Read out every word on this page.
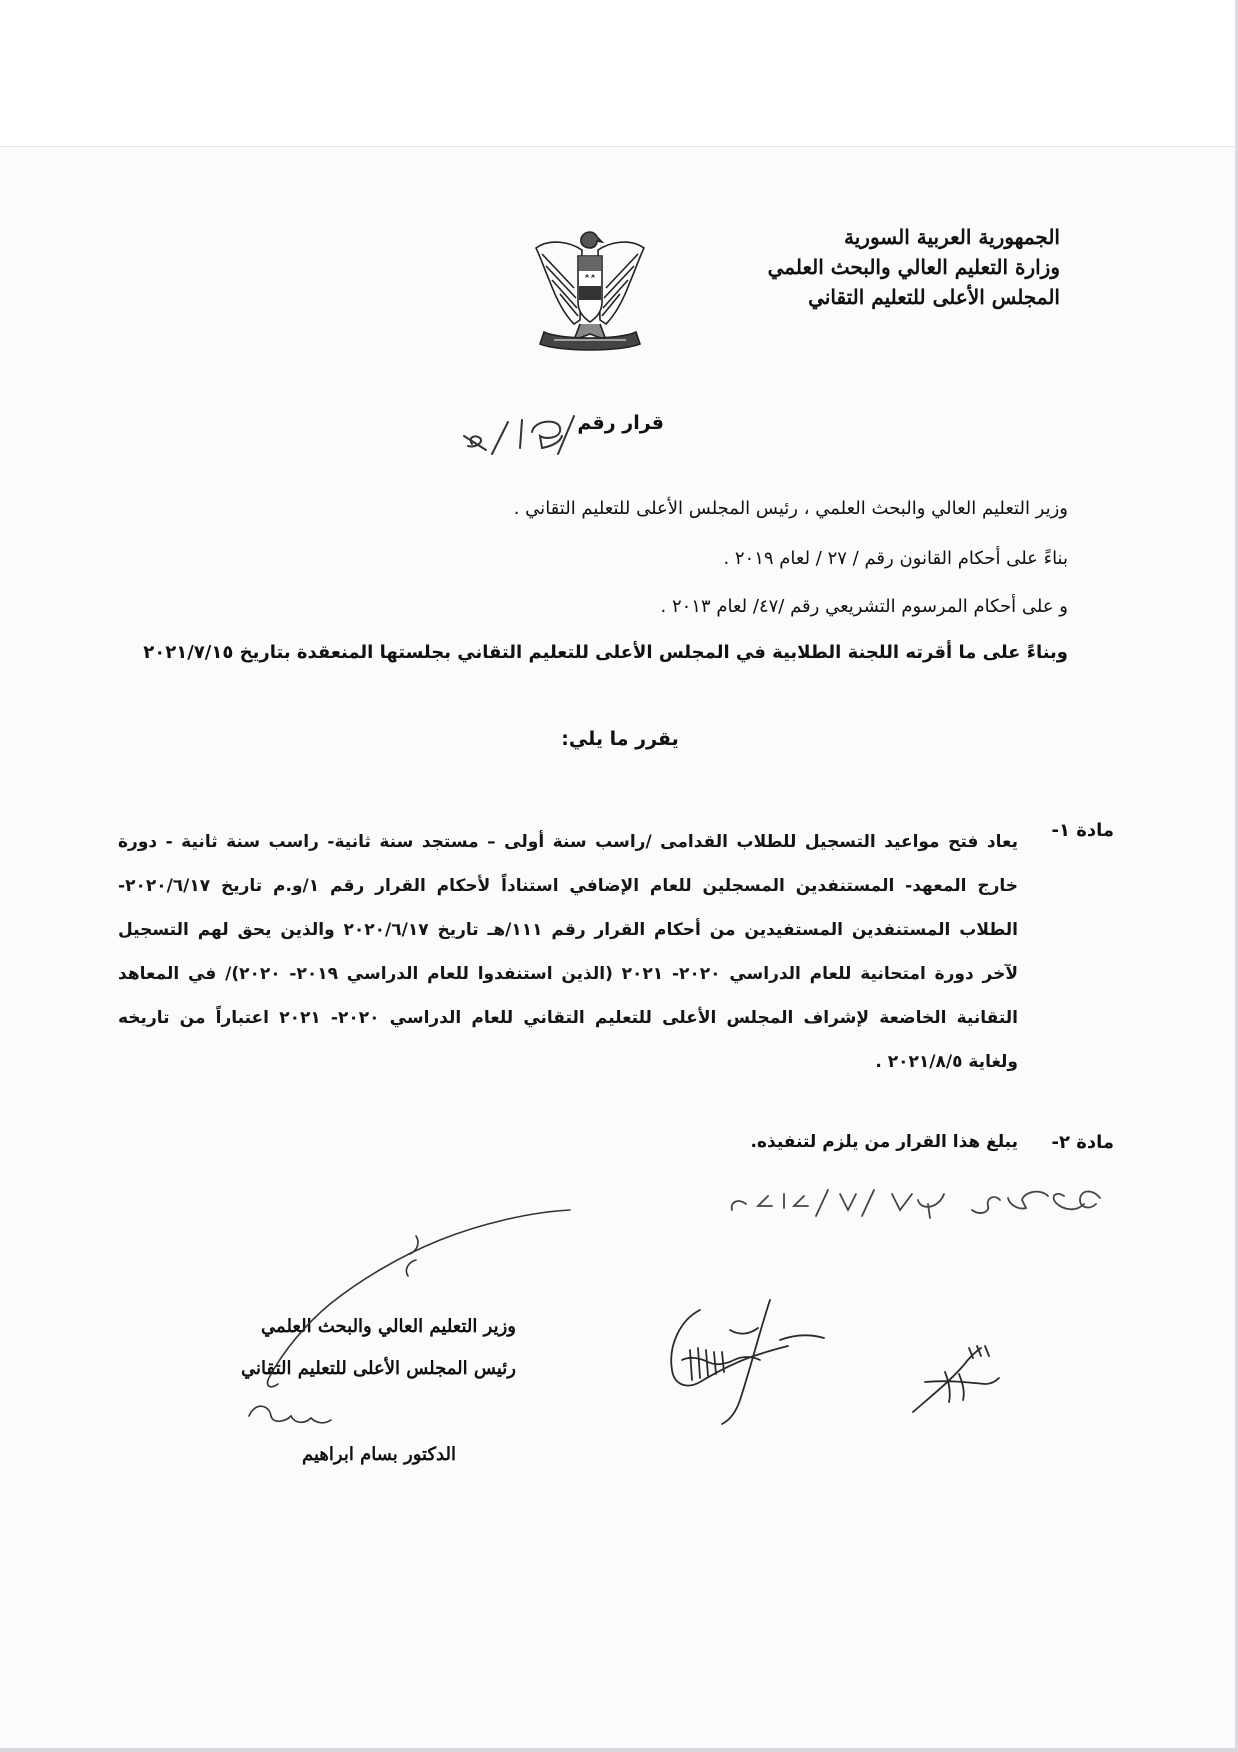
الجمهورية العربية السورية
وزارة التعليم العالي والبحث العلمي
المجلس الأعلى للتعليم التقاني
قرار رقم
وزير التعليم العالي والبحث العلمي ، رئيس المجلس الأعلى للتعليم التقاني .
بناءً على أحكام القانون رقم / ٢٧ / لعام ٢٠١٩ .
و على أحكام المرسوم التشريعي رقم /٤٧/ لعام ٢٠١٣ .
وبناءً على ما أقرته اللجنة الطلابية في المجلس الأعلى للتعليم التقاني بجلستها المنعقدة بتاريخ ٢٠٢١/٧/١٥
يقرر ما يلي:
مادة ١-
يعاد فتح مواعيد التسجيل للطلاب القدامى /راسب سنة أولى – مستجد سنة ثانية- راسب سنة ثانية - دورة خارج المعهد- المستنفدين المسجلين للعام الإضافي استناداً لأحكام القرار رقم ١/و.م تاريخ ٢٠٢٠/٦/١٧- الطلاب المستنفدين المستفيدين من أحكام القرار رقم ١١١/هـ تاريخ ٢٠٢٠/٦/١٧ والذين يحق لهم التسجيل لآخر دورة امتحانية للعام الدراسي ٢٠٢٠- ٢٠٢١ (الذين استنفدوا للعام الدراسي ٢٠١٩- ٢٠٢٠)/ في المعاهد التقانية الخاضعة لإشراف المجلس الأعلى للتعليم التقاني للعام الدراسي ٢٠٢٠- ٢٠٢١ اعتباراً من تاريخه ولغاية ٢٠٢١/٨/٥ .
مادة ٢-
يبلغ هذا القرار من يلزم لتنفيذه.
وزير التعليم العالي والبحث العلمي
رئيس المجلس الأعلى للتعليم التقاني
الدكتور بسام ابراهيم
